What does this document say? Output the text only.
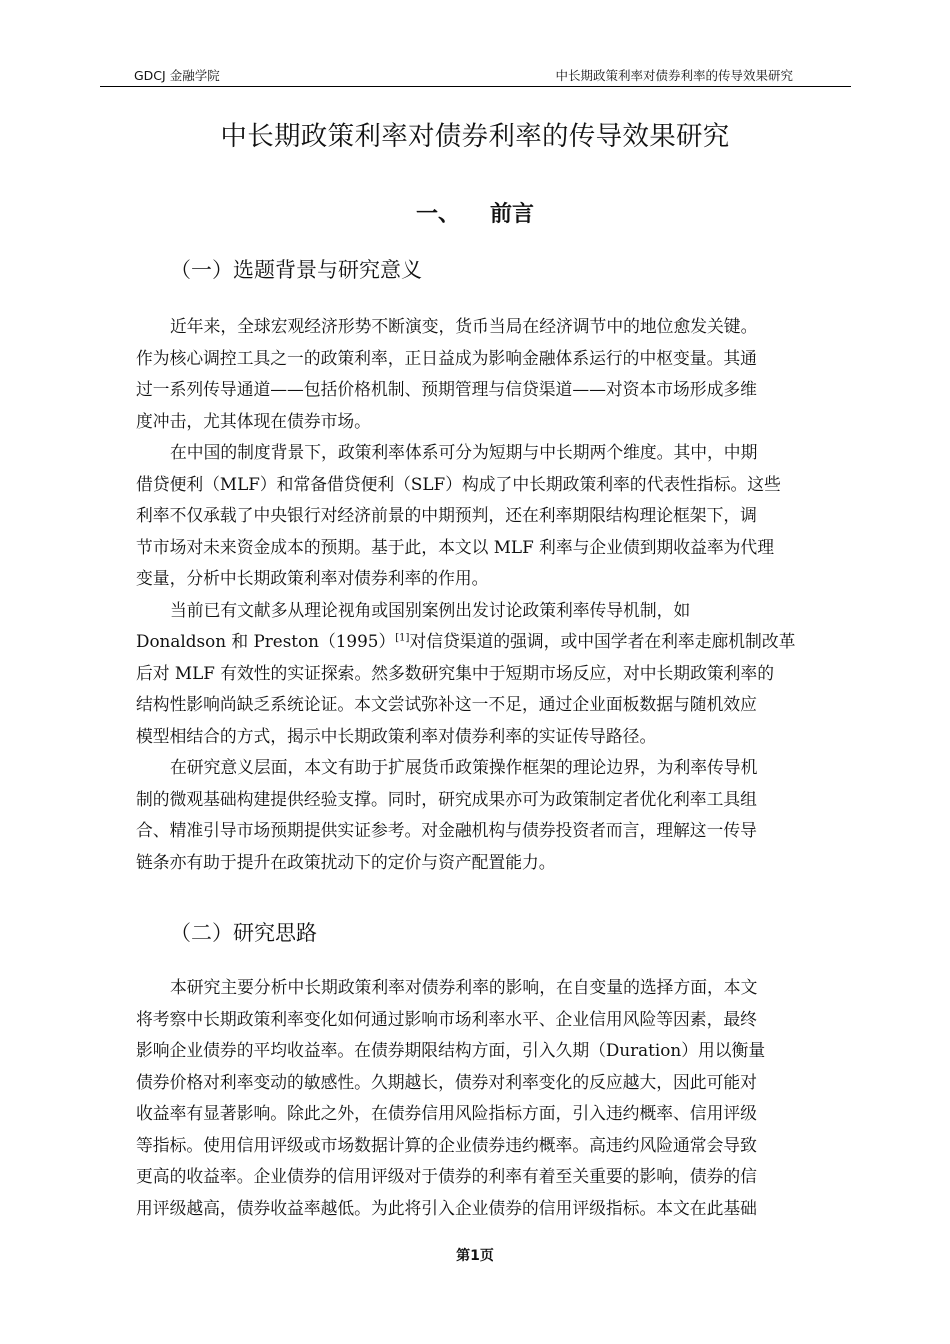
GDCJ 金融学院	中长期政策利率对债券利率的传导效果研究
中长期政策利率对债券利率的传导效果研究
一、 前言
（一）选题背景与研究意义

近年来，全球宏观经济形势不断演变，货币当局在经济调节中的地位愈发关键。
作为核心调控工具之一的政策利率，正日益成为影响金融体系运行的中枢变量。其通
过一系列传导通道——包括价格机制、预期管理与信贷渠道——对资本市场形成多维
度冲击，尤其体现在债券市场。

在中国的制度背景下，政策利率体系可分为短期与中长期两个维度。其中，中期
借贷便利（MLF）和常备借贷便利（SLF）构成了中长期政策利率的代表性指标。这些
利率不仅承载了中央银行对经济前景的中期预判，还在利率期限结构理论框架下，调
节市场对未来资金成本的预期。基于此，本文以 MLF 利率与企业债到期收益率为代理
变量，分析中长期政策利率对债券利率的作用。

当前已有文献多从理论视角或国别案例出发讨论政策利率传导机制，如
Donaldson 和 Preston（1995）[1]对信贷渠道的强调，或中国学者在利率走廊机制改革
后对 MLF 有效性的实证探索。然多数研究集中于短期市场反应，对中长期政策利率的
结构性影响尚缺乏系统论证。本文尝试弥补这一不足，通过企业面板数据与随机效应
模型相结合的方式，揭示中长期政策利率对债券利率的实证传导路径。

在研究意义层面，本文有助于扩展货币政策操作框架的理论边界，为利率传导机
制的微观基础构建提供经验支撑。同时，研究成果亦可为政策制定者优化利率工具组
合、精准引导市场预期提供实证参考。对金融机构与债券投资者而言，理解这一传导
链条亦有助于提升在政策扰动下的定价与资产配置能力。

（二）研究思路

本研究主要分析中长期政策利率对债券利率的影响，在自变量的选择方面，本文
将考察中长期政策利率变化如何通过影响市场利率水平、企业信用风险等因素，最终
影响企业债券的平均收益率。在债券期限结构方面，引入久期（Duration）用以衡量
债券价格对利率变动的敏感性。久期越长，债券对利率变化的反应越大，因此可能对
收益率有显著影响。除此之外，在债券信用风险指标方面，引入违约概率、信用评级
等指标。使用信用评级或市场数据计算的企业债券违约概率。高违约风险通常会导致
更高的收益率。企业债券的信用评级对于债券的利率有着至关重要的影响，债券的信
用评级越高，债券收益率越低。为此将引入企业债券的信用评级指标。本文在此基础

第1页
